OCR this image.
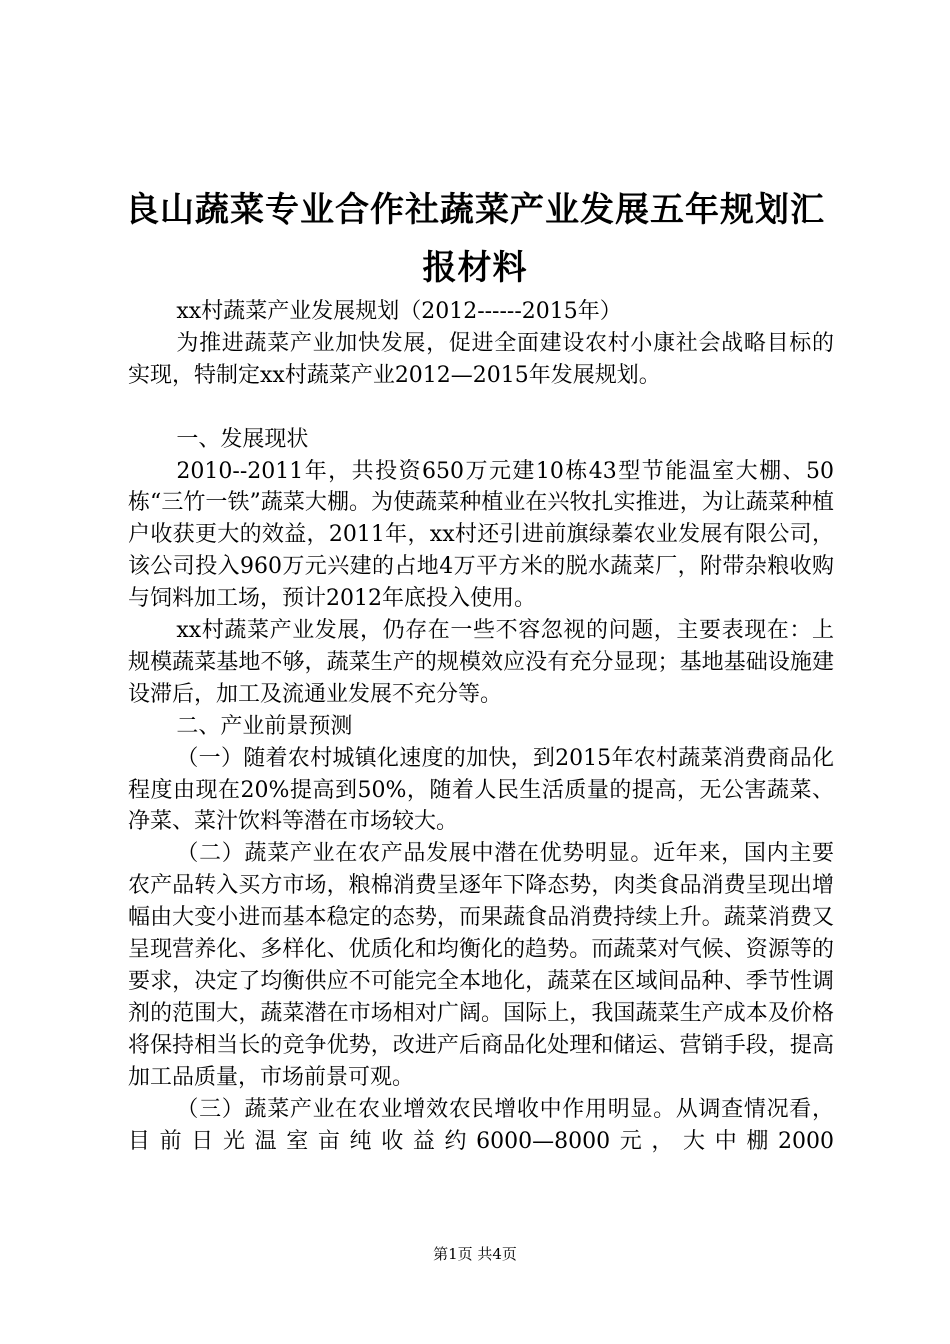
良山蔬菜专业合作社蔬菜产业发展五年规划汇
报材料

xx村蔬菜产业发展规划（2012------2015年）

为推进蔬菜产业加快发展，促进全面建设农村小康社会战略目标的实现，特制定xx村蔬菜产业2012—2015年发展规划。

一、发展现状

2010--2011年，共投资650万元建10栋43型节能温室大棚、50栋“三竹一铁”蔬菜大棚。为使蔬菜种植业在兴牧扎实推进，为让蔬菜种植户收获更大的效益，2011年，xx村还引进前旗绿蓁农业发展有限公司，该公司投入960万元兴建的占地4万平方米的脱水蔬菜厂，附带杂粮收购与饲料加工场，预计2012年底投入使用。

xx村蔬菜产业发展，仍存在一些不容忽视的问题，主要表现在：上规模蔬菜基地不够，蔬菜生产的规模效应没有充分显现；基地基础设施建设滞后，加工及流通业发展不充分等。

二、产业前景预测

（一）随着农村城镇化速度的加快，到2015年农村蔬菜消费商品化程度由现在20%提高到50%，随着人民生活质量的提高，无公害蔬菜、净菜、菜汁饮料等潜在市场较大。

（二）蔬菜产业在农产品发展中潜在优势明显。近年来，国内主要农产品转入买方市场，粮棉消费呈逐年下降态势，肉类食品消费呈现出增幅由大变小进而基本稳定的态势，而果蔬食品消费持续上升。蔬菜消费又呈现营养化、多样化、优质化和均衡化的趋势。而蔬菜对气候、资源等的要求，决定了均衡供应不可能完全本地化，蔬菜在区域间品种、季节性调剂的范围大，蔬菜潜在市场相对广阔。国际上，我国蔬菜生产成本及价格将保持相当长的竞争优势，改进产后商品化处理和储运、营销手段，提高加工品质量，市场前景可观。

（三）蔬菜产业在农业增效农民增收中作用明显。从调查情况看，目前日光温室亩纯收益约6000—8000元，大中棚2000

第1页 共4页
